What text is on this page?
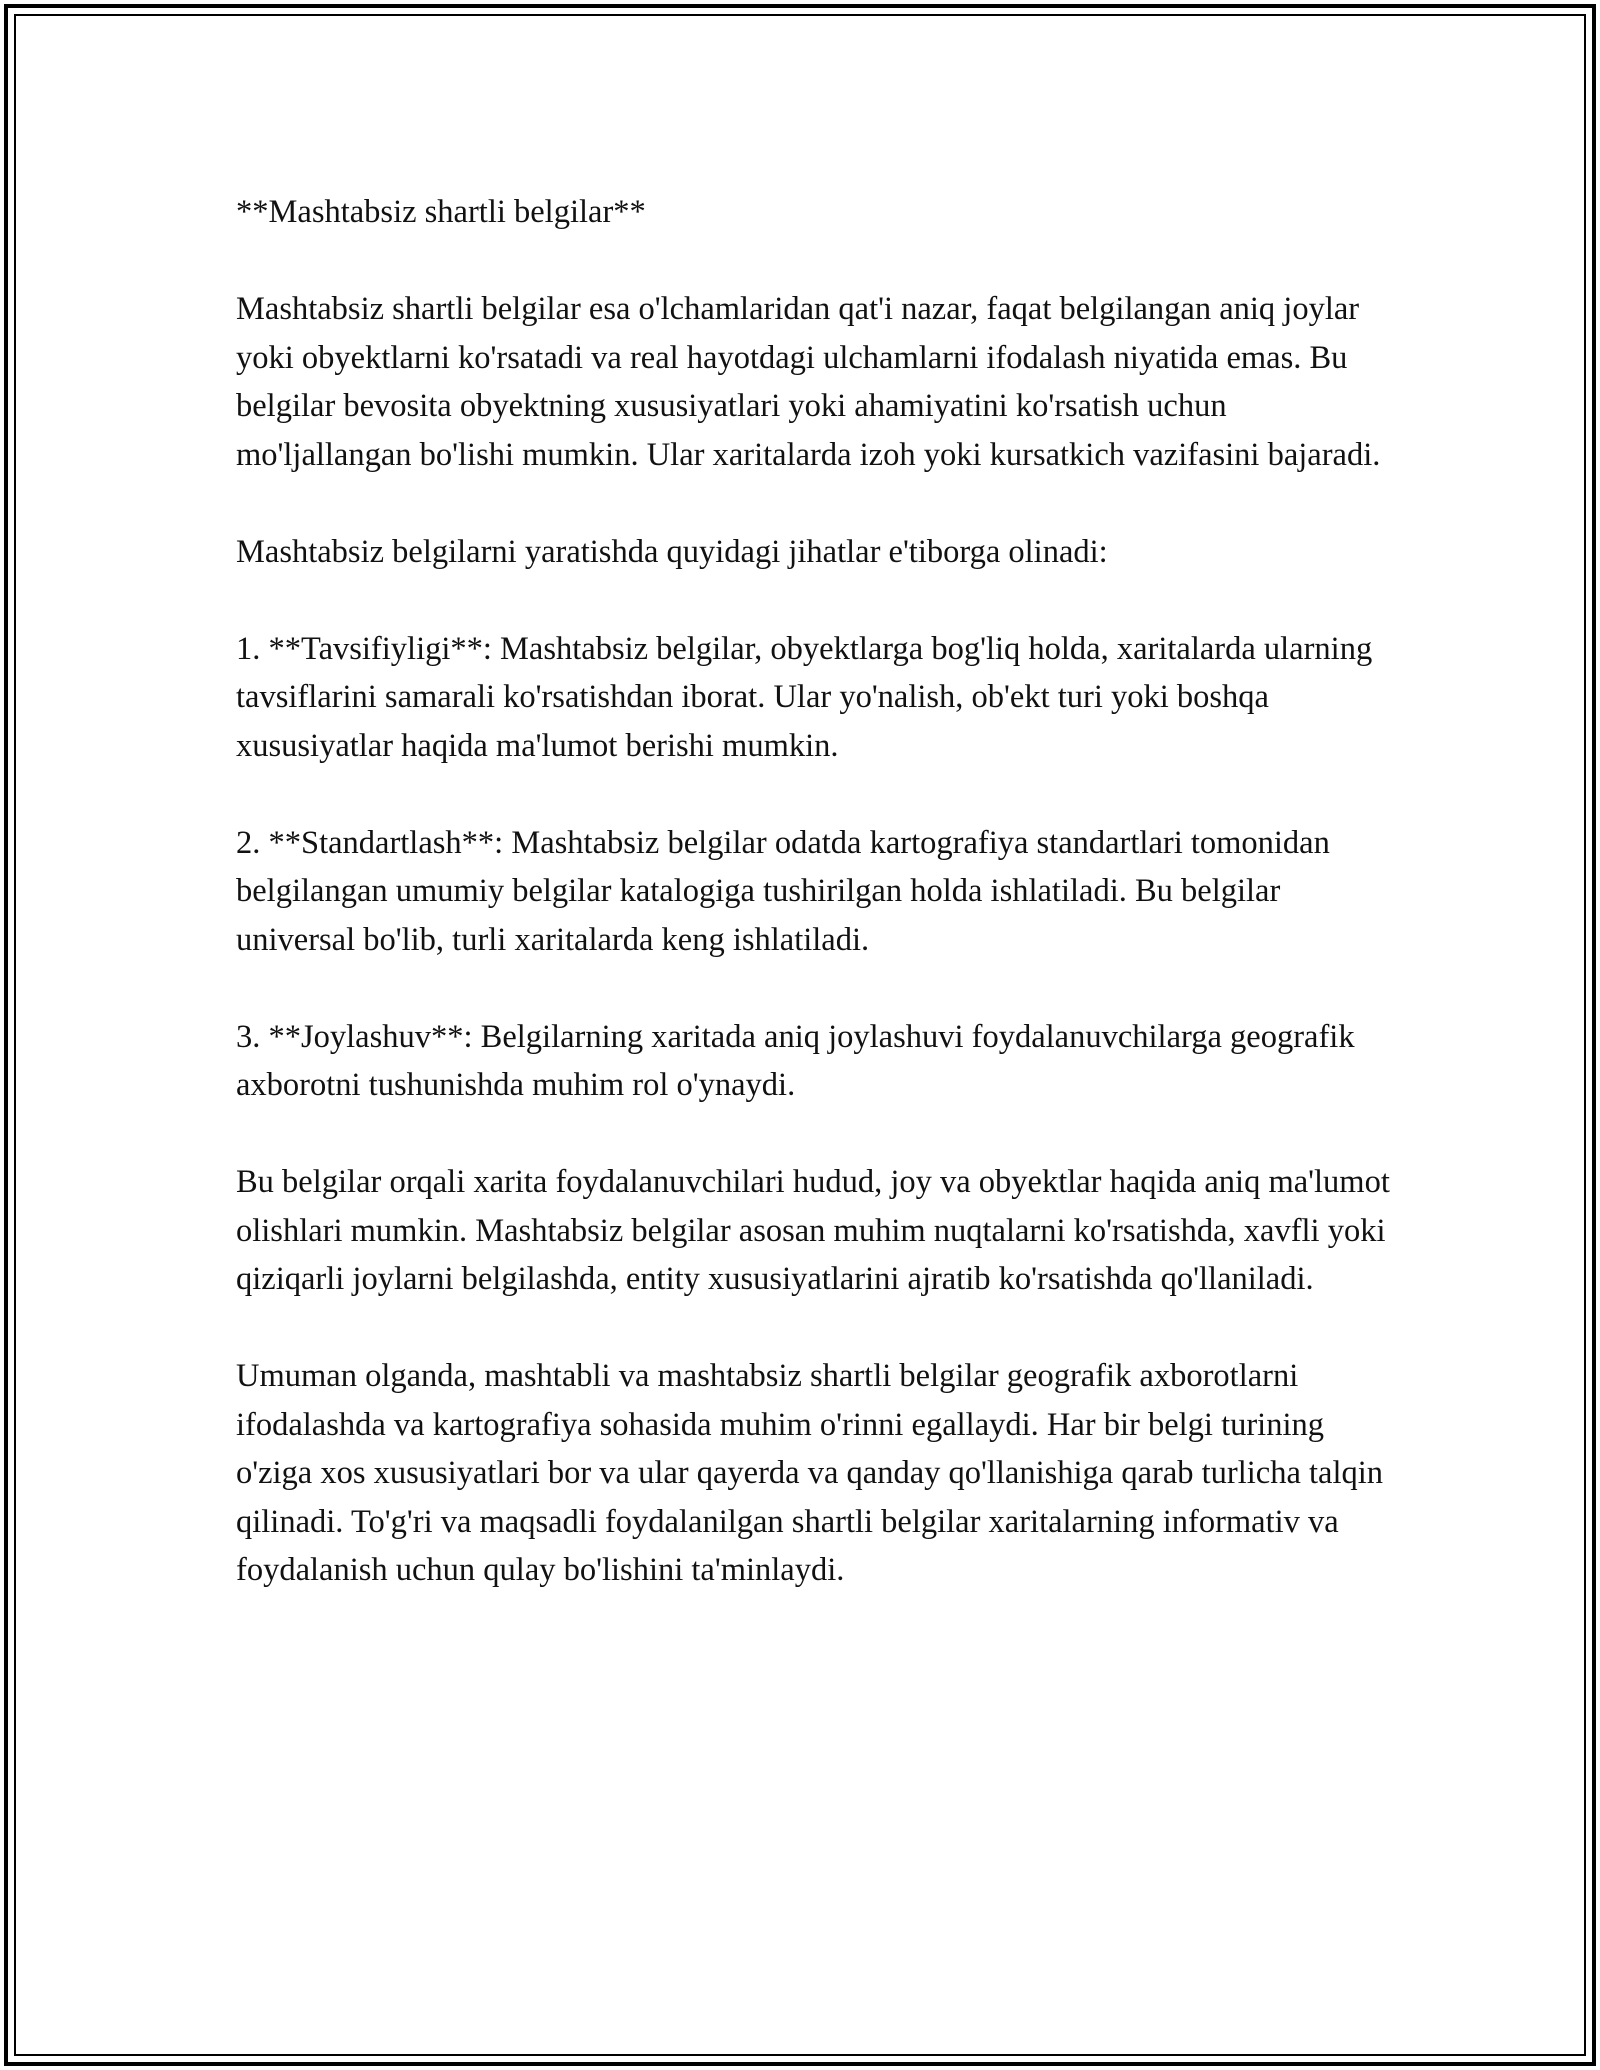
**Mashtabsiz shartli belgilar**

Mashtabsiz shartli belgilar esa o'lchamlaridan qat'i nazar, faqat belgilangan aniq joylar yoki obyektlarni ko'rsatadi va real hayotdagi ulchamlarni ifodalash niyatida emas. Bu belgilar bevosita obyektning xususiyatlari yoki ahamiyatini ko'rsatish uchun mo'ljallangan bo'lishi mumkin. Ular xaritalarda izoh yoki kursatkich vazifasini bajaradi.

Mashtabsiz belgilarni yaratishda quyidagi jihatlar e'tiborga olinadi:

1. **Tavsifiyligi**: Mashtabsiz belgilar, obyektlarga bog'liq holda, xaritalarda ularning tavsiflarini samarali ko'rsatishdan iborat. Ular yo'nalish, ob'ekt turi yoki boshqa xususiyatlar haqida ma'lumot berishi mumkin.

2. **Standartlash**: Mashtabsiz belgilar odatda kartografiya standartlari tomonidan belgilangan umumiy belgilar katalogiga tushirilgan holda ishlatiladi. Bu belgilar universal bo'lib, turli xaritalarda keng ishlatiladi.

3. **Joylashuv**: Belgilarning xaritada aniq joylashuvi foydalanuvchilarga geografik axborotni tushunishda muhim rol o'ynaydi.

Bu belgilar orqali xarita foydalanuvchilari hudud, joy va obyektlar haqida aniq ma'lumot olishlari mumkin. Mashtabsiz belgilar asosan muhim nuqtalarni ko'rsatishda, xavfli yoki qiziqarli joylarni belgilashda, entity xususiyatlarini ajratib ko'rsatishda qo'llaniladi.

Umuman olganda, mashtabli va mashtabsiz shartli belgilar geografik axborotlarni ifodalashda va kartografiya sohasida muhim o'rinni egallaydi. Har bir belgi turining o'ziga xos xususiyatlari bor va ular qayerda va qanday qo'llanishiga qarab turlicha talqin qilinadi. To'g'ri va maqsadli foydalanilgan shartli belgilar xaritalarning informativ va foydalanish uchun qulay bo'lishini ta'minlaydi.
